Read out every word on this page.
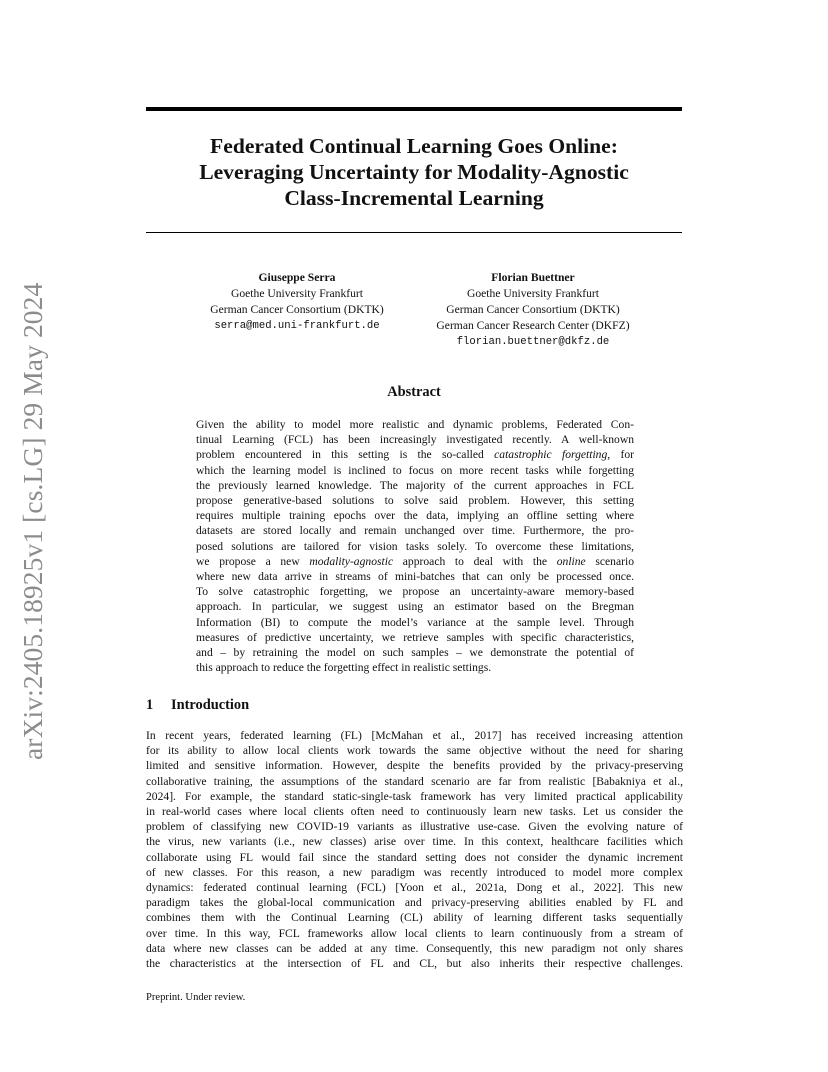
arXiv:2405.18925v1 [cs.LG] 29 May 2024
Federated Continual Learning Goes Online:
Leveraging Uncertainty for Modality-Agnostic
Class-Incremental Learning
Giuseppe Serra
Goethe University Frankfurt
German Cancer Consortium (DKTK)
serra@med.uni-frankfurt.de
Florian Buettner
Goethe University Frankfurt
German Cancer Consortium (DKTK)
German Cancer Research Center (DKFZ)
florian.buettner@dkfz.de
Abstract
Given the ability to model more realistic and dynamic problems, Federated Con-
tinual Learning (FCL) has been increasingly investigated recently. A well-known
problem encountered in this setting is the so-called catastrophic forgetting, for
which the learning model is inclined to focus on more recent tasks while forgetting
the previously learned knowledge. The majority of the current approaches in FCL
propose generative-based solutions to solve said problem. However, this setting
requires multiple training epochs over the data, implying an offline setting where
datasets are stored locally and remain unchanged over time. Furthermore, the pro-
posed solutions are tailored for vision tasks solely. To overcome these limitations,
we propose a new modality-agnostic approach to deal with the online scenario
where new data arrive in streams of mini-batches that can only be processed once.
To solve catastrophic forgetting, we propose an uncertainty-aware memory-based
approach. In particular, we suggest using an estimator based on the Bregman
Information (BI) to compute the model’s variance at the sample level. Through
measures of predictive uncertainty, we retrieve samples with specific characteristics,
and – by retraining the model on such samples – we demonstrate the potential of
this approach to reduce the forgetting effect in realistic settings.
1 Introduction
In recent years, federated learning (FL) [McMahan et al., 2017] has received increasing attention
for its ability to allow local clients work towards the same objective without the need for sharing
limited and sensitive information. However, despite the benefits provided by the privacy-preserving
collaborative training, the assumptions of the standard scenario are far from realistic [Babakniya et al.,
2024]. For example, the standard static-single-task framework has very limited practical applicability
in real-world cases where local clients often need to continuously learn new tasks. Let us consider the
problem of classifying new COVID-19 variants as illustrative use-case. Given the evolving nature of
the virus, new variants (i.e., new classes) arise over time. In this context, healthcare facilities which
collaborate using FL would fail since the standard setting does not consider the dynamic increment
of new classes. For this reason, a new paradigm was recently introduced to model more complex
dynamics: federated continual learning (FCL) [Yoon et al., 2021a, Dong et al., 2022]. This new
paradigm takes the global-local communication and privacy-preserving abilities enabled by FL and
combines them with the Continual Learning (CL) ability of learning different tasks sequentially
over time. In this way, FCL frameworks allow local clients to learn continuously from a stream of
data where new classes can be added at any time. Consequently, this new paradigm not only shares
the characteristics at the intersection of FL and CL, but also inherits their respective challenges.
Preprint. Under review.
